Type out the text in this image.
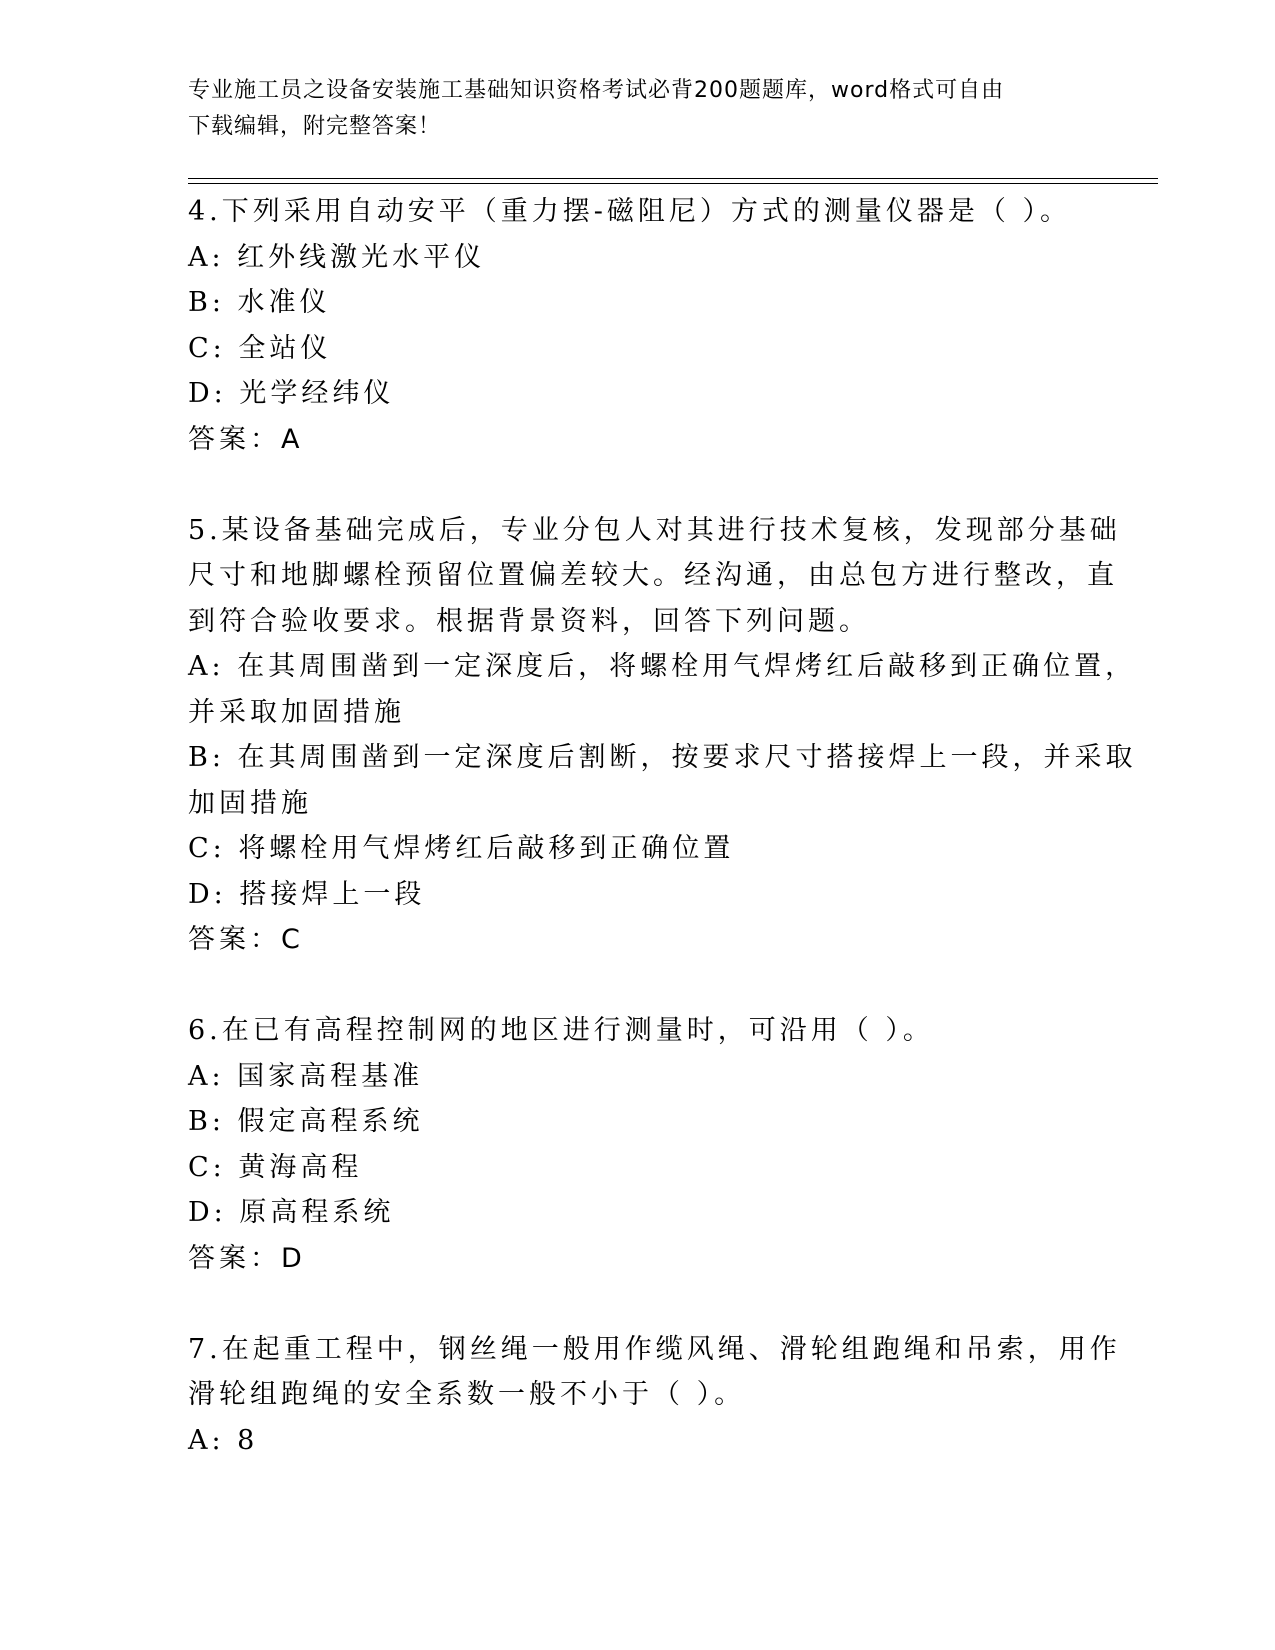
专业施工员之设备安装施工基础知识资格考试必背200题题库，word格式可自由
下载编辑，附完整答案！
4.下列采用自动安平（重力摆-磁阻尼）方式的测量仪器是（ ）。
A: 红外线激光水平仪
B: 水准仪
C: 全站仪
D: 光学经纬仪
答案：A
5.某设备基础完成后，专业分包人对其进行技术复核，发现部分基础
尺寸和地脚螺栓预留位置偏差较大。经沟通，由总包方进行整改，直
到符合验收要求。根据背景资料，回答下列问题。
A: 在其周围凿到一定深度后，将螺栓用气焊烤红后敲移到正确位置，
并采取加固措施
B: 在其周围凿到一定深度后割断，按要求尺寸搭接焊上一段，并采取
加固措施
C: 将螺栓用气焊烤红后敲移到正确位置
D: 搭接焊上一段
答案：C
6.在已有高程控制网的地区进行测量时，可沿用（ ）。
A: 国家高程基准
B: 假定高程系统
C: 黄海高程
D: 原高程系统
答案：D
7.在起重工程中，钢丝绳一般用作缆风绳、滑轮组跑绳和吊索，用作
滑轮组跑绳的安全系数一般不小于（ ）。
A: 8
